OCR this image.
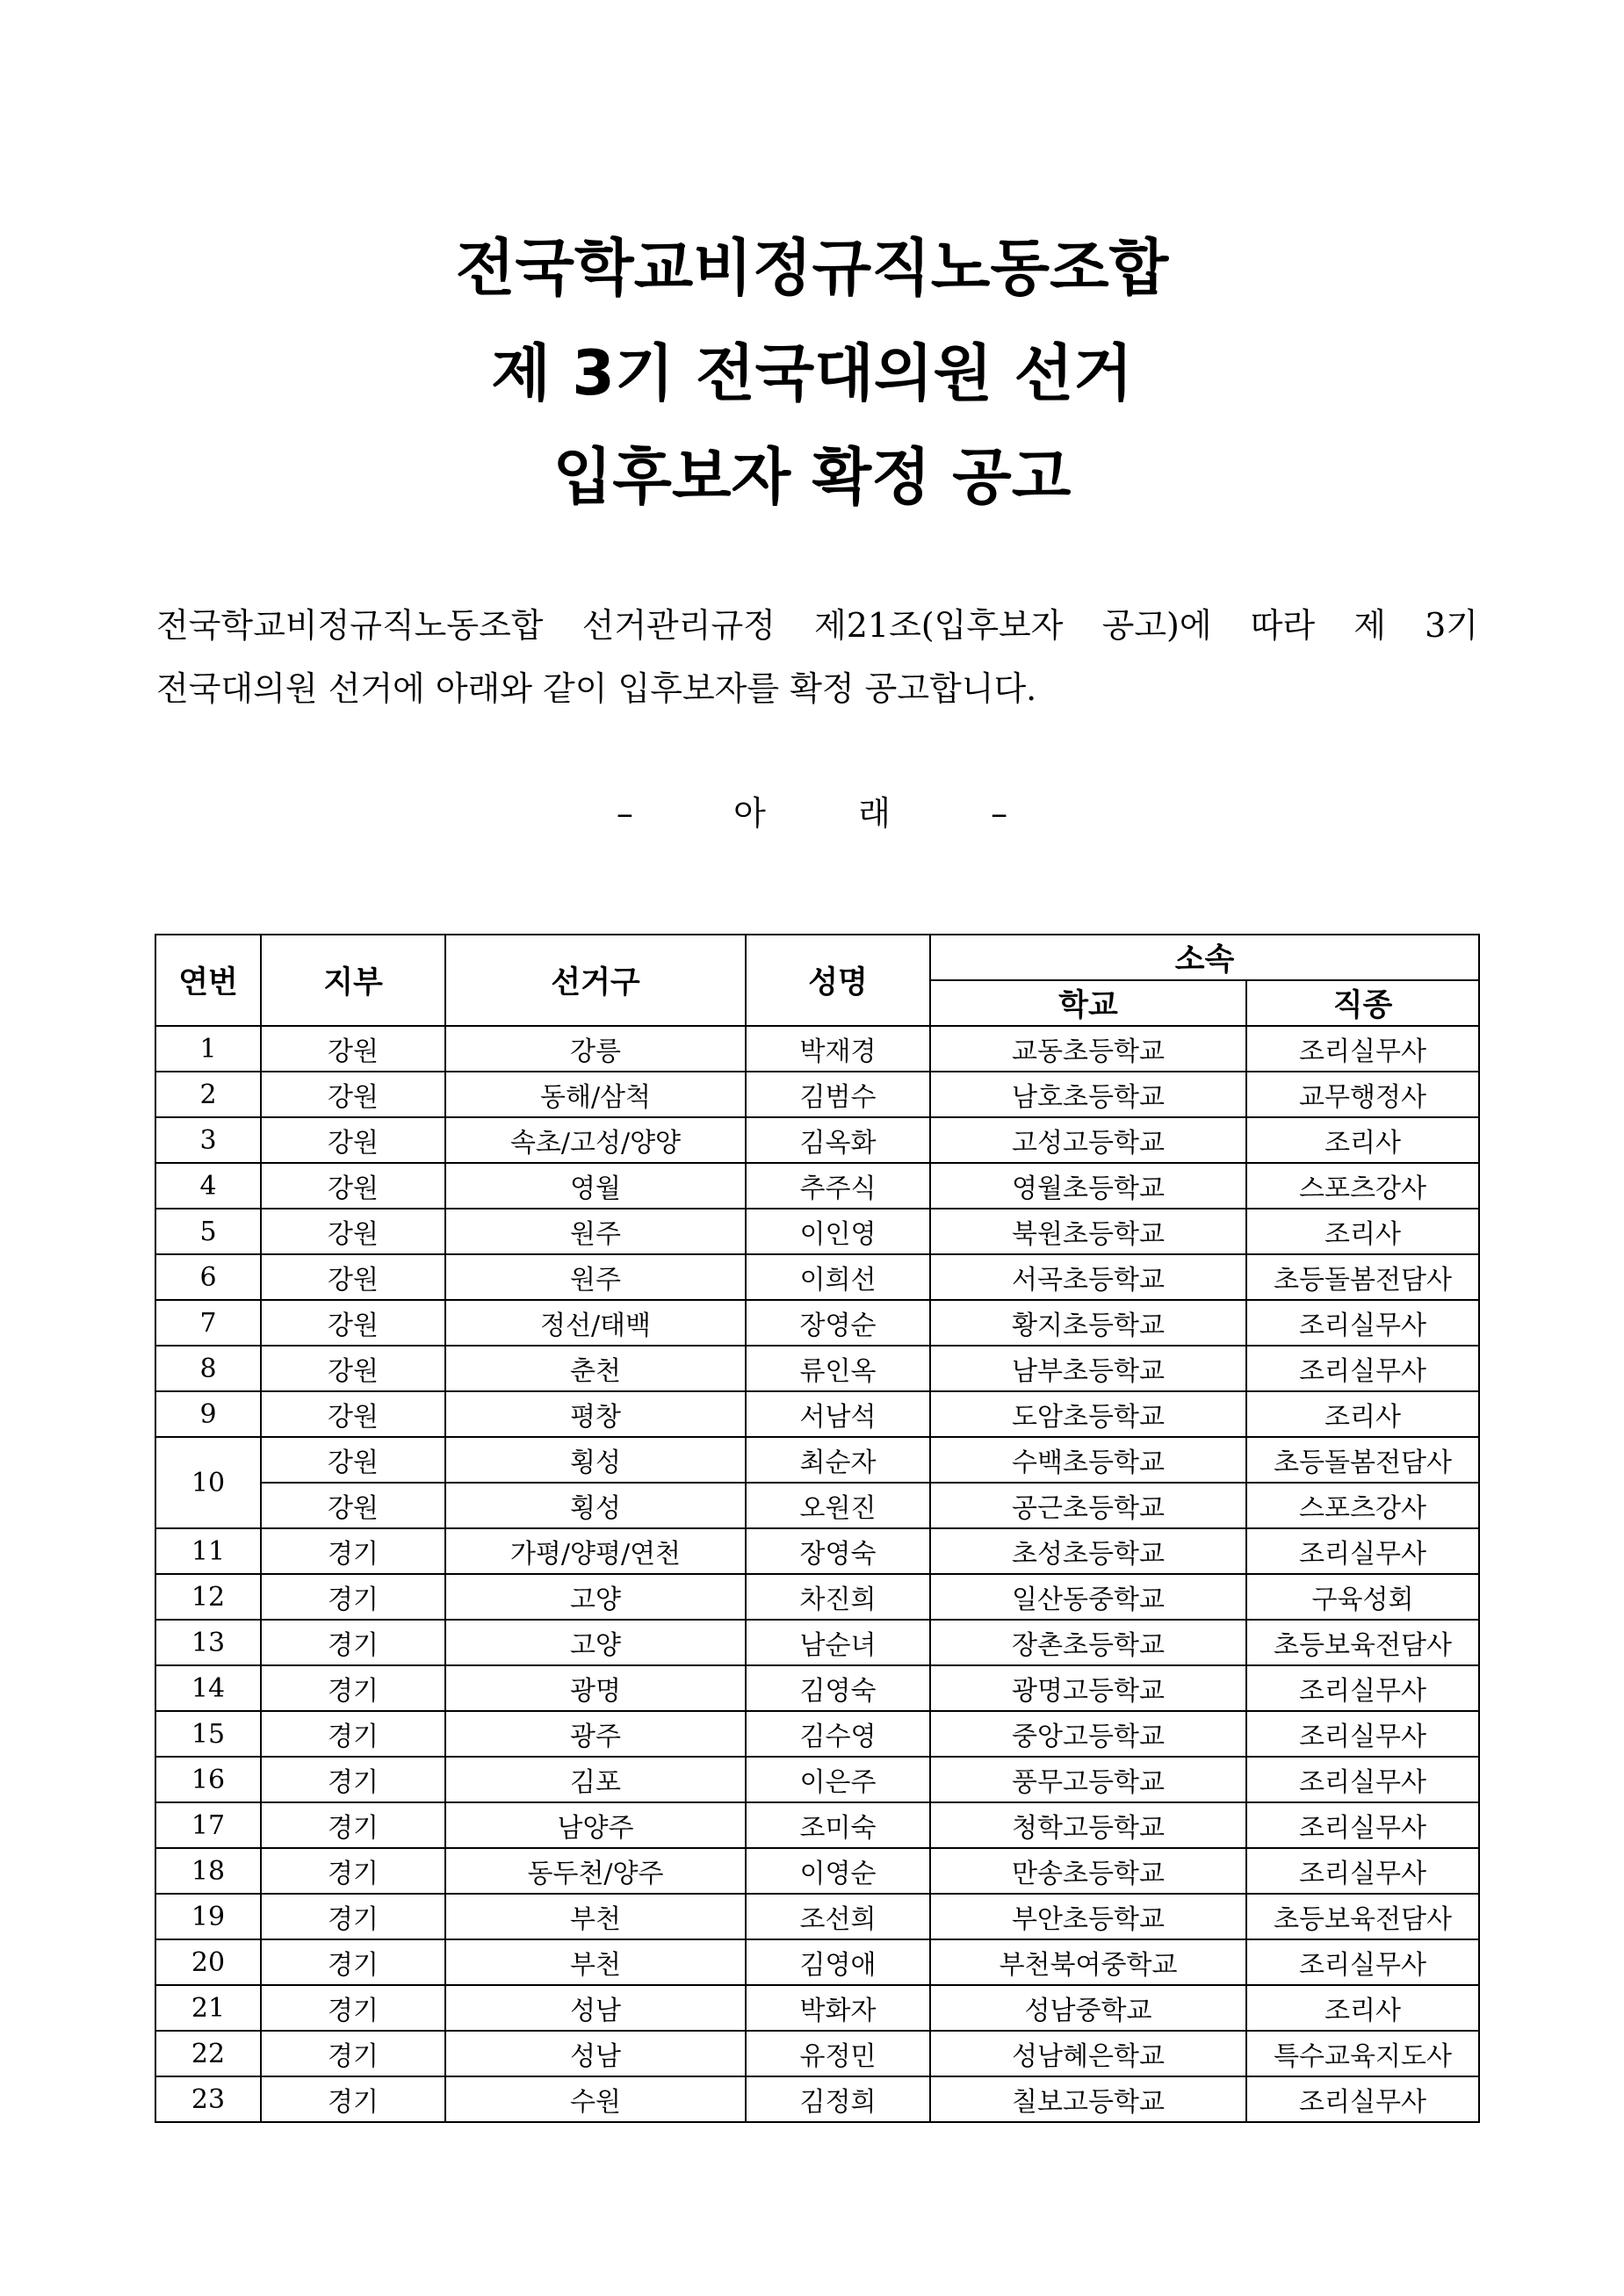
전국학교비정규직노동조합
제 3기 전국대의원 선거
입후보자 확정 공고
전국학교비정규직노동조합 선거관리규정 제21조(입후보자 공고)에 따라 제 3기
전국대의원 선거에 아래와 같이 입후보자를 확정 공고합니다.
–	아	래	–
연번	지부	선거구	성명	소속	
				학교	직종
1	강원	강릉	박재경	교동초등학교	조리실무사
2	강원	동해/삼척	김범수	남호초등학교	교무행정사
3	강원	속초/고성/양양	김옥화	고성고등학교	조리사
4	강원	영월	추주식	영월초등학교	스포츠강사
5	강원	원주	이인영	북원초등학교	조리사
6	강원	원주	이희선	서곡초등학교	초등돌봄전담사
7	강원	정선/태백	장영순	황지초등학교	조리실무사
8	강원	춘천	류인옥	남부초등학교	조리실무사
9	강원	평창	서남석	도암초등학교	조리사
10	강원	횡성	최순자	수백초등학교	초등돌봄전담사
	강원	횡성	오원진	공근초등학교	스포츠강사
11	경기	가평/양평/연천	장영숙	초성초등학교	조리실무사
12	경기	고양	차진희	일산동중학교	구육성회
13	경기	고양	남순녀	장촌초등학교	초등보육전담사
14	경기	광명	김영숙	광명고등학교	조리실무사
15	경기	광주	김수영	중앙고등학교	조리실무사
16	경기	김포	이은주	풍무고등학교	조리실무사
17	경기	남양주	조미숙	청학고등학교	조리실무사
18	경기	동두천/양주	이영순	만송초등학교	조리실무사
19	경기	부천	조선희	부안초등학교	초등보육전담사
20	경기	부천	김영애	부천북여중학교	조리실무사
21	경기	성남	박화자	성남중학교	조리사
22	경기	성남	유정민	성남혜은학교	특수교육지도사
23	경기	수원	김정희	칠보고등학교	조리실무사
